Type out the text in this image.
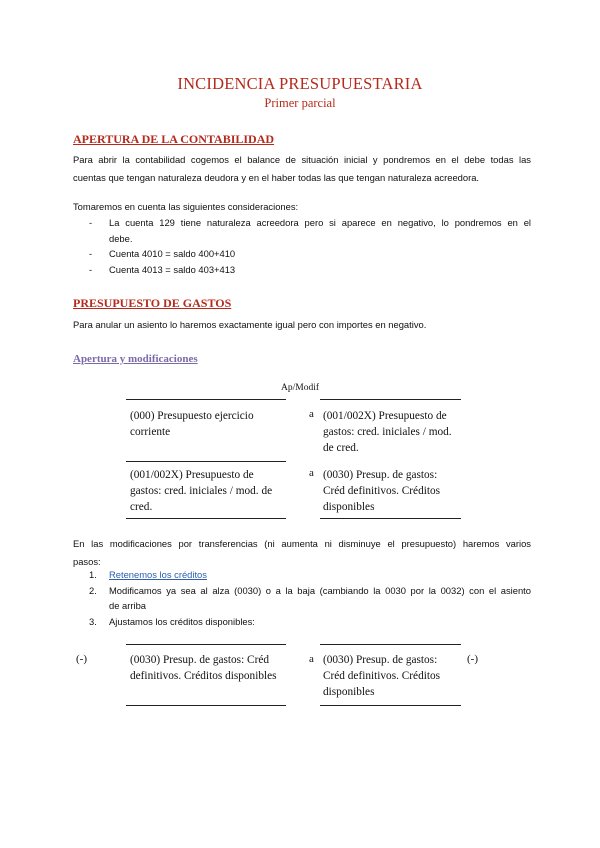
INCIDENCIA PRESUPUESTARIA
Primer parcial
APERTURA DE LA CONTABILIDAD
Para abrir la contabilidad cogemos el balance de situación inicial y pondremos en el debe todas las
cuentas que tengan naturaleza deudora y en el haber todas las que tengan naturaleza acreedora.
Tomaremos en cuenta las siguientes consideraciones:
- La cuenta 129 tiene naturaleza acreedora pero si aparece en negativo, lo pondremos en el
debe.
- Cuenta 4010 = saldo 400+410
- Cuenta 4013 = saldo 403+413
PRESUPUESTO DE GASTOS
Para anular un asiento lo haremos exactamente igual pero con importes en negativo.
Apertura y modificaciones
Ap/Modif
(000) Presupuesto ejercicio corriente
a (001/002X) Presupuesto de gastos: cred. iniciales / mod. de cred.
(001/002X) Presupuesto de gastos: cred. iniciales / mod. de cred.
a (0030) Presup. de gastos: Créd definitivos. Créditos disponibles
En las modificaciones por transferencias (ni aumenta ni disminuye el presupuesto) haremos varios
pasos:
1. Retenemos los créditos
2. Modificamos ya sea al alza (0030) o a la baja (cambiando la 0030 por la 0032) con el asiento
de arriba
3. Ajustamos los créditos disponibles:
(-)	(0030) Presup. de gastos: Créd definitivos. Créditos disponibles
a (0030) Presup. de gastos: Créd definitivos. Créditos disponibles
(-)
